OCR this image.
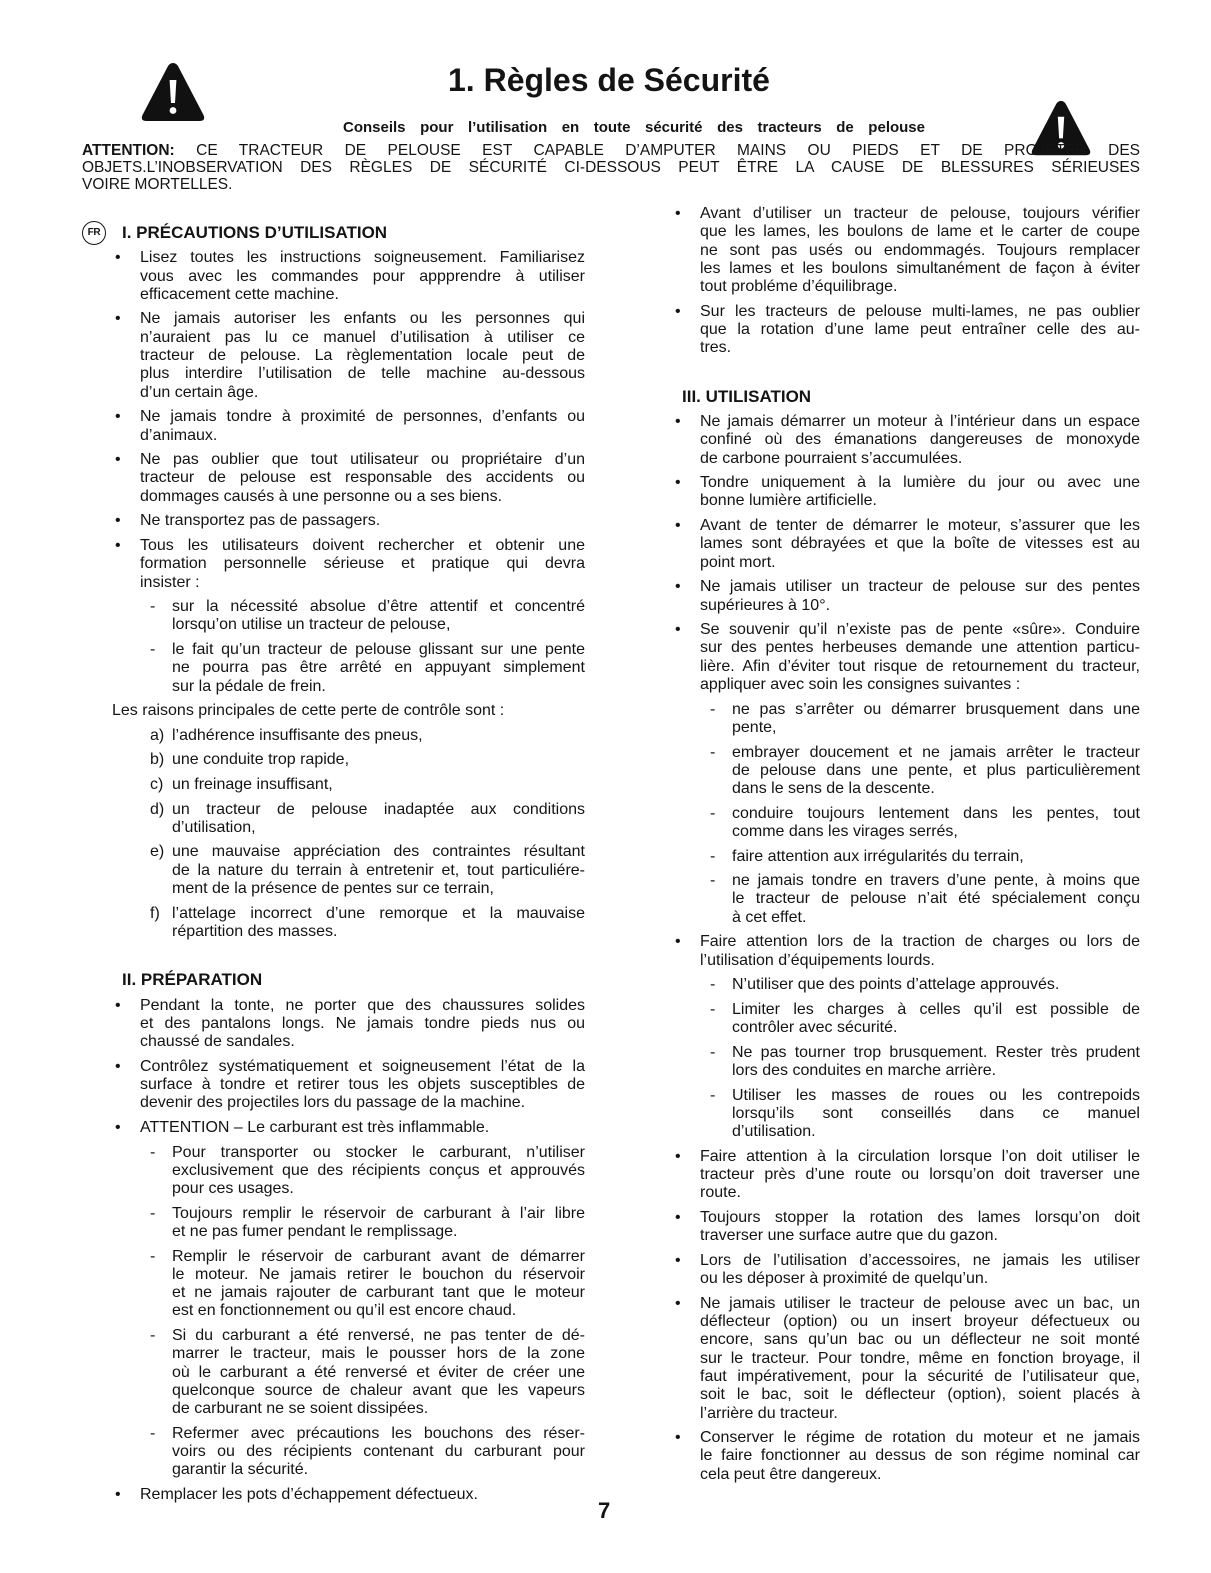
1. Règles de Sécurité
Conseils pour l’utilisation en toute sécurité des tracteurs de pelouse
ATTENTION: CE TRACTEUR DE PELOUSE EST CAPABLE D’AMPUTER MAINS OU PIEDS ET DE PROJETER DES
OBJETS.L’INOBSERVATION DES RÈGLES DE SÉCURITÉ CI-DESSOUS PEUT ÊTRE LA CAUSE DE BLESSURES SÉRIEUSES
VOIRE MORTELLES.
FR	I. PRÉCAUTIONS D’UTILISATION
• Lisez toutes les instructions soigneusement. Familiarisez
vous avec les commandes pour appprendre à utiliser
efficacement cette machine.
• Ne jamais autoriser les enfants ou les personnes qui
n’auraient pas lu ce manuel d’utilisation à utiliser ce
tracteur de pelouse. La règlementation locale peut de
plus interdire l’utilisation de telle machine au-dessous
d’un certain âge.
• Ne jamais tondre à proximité de personnes, d’enfants ou
d’animaux.
• Ne pas oublier que tout utilisateur ou propriétaire d’un
tracteur de pelouse est responsable des accidents ou
dommages causés à une personne ou a ses biens.
• Ne transportez pas de passagers.
• Tous les utilisateurs doivent rechercher et obtenir une
formation personnelle sérieuse et pratique qui devra
insister :
- sur la nécessité absolue d’être attentif et concentré
lorsqu’on utilise un tracteur de pelouse,
- le fait qu’un tracteur de pelouse glissant sur une pente
ne pourra pas être arrêté en appuyant simplement
sur la pédale de frein.
Les raisons principales de cette perte de contrôle sont :
a) l’adhérence insuffisante des pneus,
b) une conduite trop rapide,
c) un freinage insuffisant,
d) un tracteur de pelouse inadaptée aux conditions
d’utilisation,
e) une mauvaise appréciation des contraintes résultant
de la nature du terrain à entretenir et, tout particuliére-
ment de la présence de pentes sur ce terrain,
f) l’attelage incorrect d’une remorque et la mauvaise
répartition des masses.
II. PRÉPARATION
• Pendant la tonte, ne porter que des chaussures solides
et des pantalons longs. Ne jamais tondre pieds nus ou
chaussé de sandales.
• Contrôlez systématiquement et soigneusement l’état de la
surface à tondre et retirer tous les objets susceptibles de
devenir des projectiles lors du passage de la machine.
• ATTENTION – Le carburant est très inflammable.
- Pour transporter ou stocker le carburant, n’utiliser
exclusivement que des récipients conçus et approuvés
pour ces usages.
- Toujours remplir le réservoir de carburant à l’air libre
et ne pas fumer pendant le remplissage.
- Remplir le réservoir de carburant avant de démarrer
le moteur. Ne jamais retirer le bouchon du réservoir
et ne jamais rajouter de carburant tant que le moteur
est en fonctionnement ou qu’il est encore chaud.
- Si du carburant a été renversé, ne pas tenter de dé-
marrer le tracteur, mais le pousser hors de la zone
où le carburant a été renversé et éviter de créer une
quelconque source de chaleur avant que les vapeurs
de carburant ne se soient dissipées.
- Refermer avec précautions les bouchons des réser-
voirs ou des récipients contenant du carburant pour
garantir la sécurité.
• Remplacer les pots d’échappement défectueux.
• Avant d’utiliser un tracteur de pelouse, toujours vérifier
que les lames, les boulons de lame et le carter de coupe
ne sont pas usés ou endommagés. Toujours remplacer
les lames et les boulons simultanément de façon à éviter
tout probléme d’équilibrage.
• Sur les tracteurs de pelouse multi-lames, ne pas oublier
que la rotation d’une lame peut entraîner celle des au-
tres.
III. UTILISATION
• Ne jamais démarrer un moteur à l’intérieur dans un espace
confiné où des émanations dangereuses de monoxyde
de carbone pourraient s’accumulées.
• Tondre uniquement à la lumière du jour ou avec une
bonne lumière artificielle.
• Avant de tenter de démarrer le moteur, s’assurer que les
lames sont débrayées et que la boîte de vitesses est au
point mort.
• Ne jamais utiliser un tracteur de pelouse sur des pentes
supérieures à 10°.
• Se souvenir qu’il n’existe pas de pente «sûre». Conduire
sur des pentes herbeuses demande une attention particu-
lière. Afin d’éviter tout risque de retournement du tracteur,
appliquer avec soin les consignes suivantes :
- ne pas s’arrêter ou démarrer brusquement dans une
pente,
- embrayer doucement et ne jamais arrêter le tracteur
de pelouse dans une pente, et plus particulièrement
dans le sens de la descente.
- conduire toujours lentement dans les pentes, tout
comme dans les virages serrés,
- faire attention aux irrégularités du terrain,
- ne jamais tondre en travers d’une pente, à moins que
le tracteur de pelouse n’ait été spécialement conçu
à cet effet.
• Faire attention lors de la traction de charges ou lors de
l’utilisation d’équipements lourds.
- N’utiliser que des points d’attelage approuvés.
- Limiter les charges à celles qu’il est possible de
contrôler avec sécurité.
- Ne pas tourner trop brusquement. Rester très prudent
lors des conduites en marche arrière.
- Utiliser les masses de roues ou les contrepoids
lorsqu’ils sont conseillés dans ce manuel
d’utilisation.
• Faire attention à la circulation lorsque l’on doit utiliser le
tracteur près d’une route ou lorsqu’on doit traverser une
route.
• Toujours stopper la rotation des lames lorsqu’on doit
traverser une surface autre que du gazon.
• Lors de l’utilisation d’accessoires, ne jamais les utiliser
ou les déposer à proximité de quelqu’un.
• Ne jamais utiliser le tracteur de pelouse avec un bac, un
déflecteur (option) ou un insert broyeur défectueux ou
encore, sans qu’un bac ou un déflecteur ne soit monté
sur le tracteur. Pour tondre, même en fonction broyage, il
faut impérativement, pour la sécurité de l’utilisateur que,
soit le bac, soit le déflecteur (option), soient placés à
l’arrière du tracteur.
• Conserver le régime de rotation du moteur et ne jamais
le faire fonctionner au dessus de son régime nominal car
cela peut être dangereux.
7
